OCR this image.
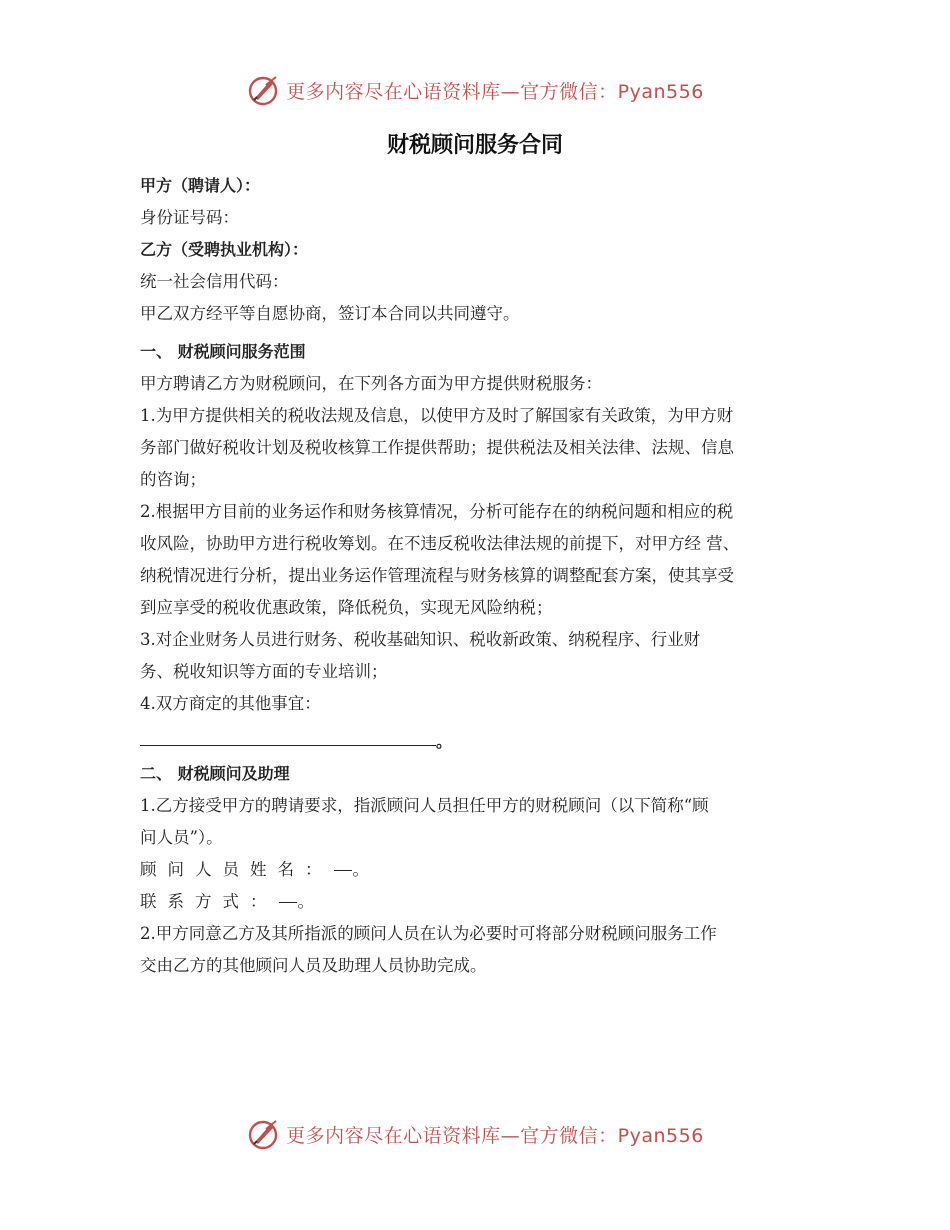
更多内容尽在心语资料库—官方微信：Pyan556
财税顾问服务合同
甲方（聘请人）：
身份证号码：
乙方（受聘执业机构）：
统一社会信用代码：
甲乙双方经平等自愿协商，签订本合同以共同遵守。
一、 财税顾问服务范围
甲方聘请乙方为财税顾问，在下列各方面为甲方提供财税服务：
1.为甲方提供相关的税收法规及信息，以使甲方及时了解国家有关政策，为甲方财
务部门做好税收计划及税收核算工作提供帮助；提供税法及相关法律、法规、信息
的咨询；
2.根据甲方目前的业务运作和财务核算情况，分析可能存在的纳税问题和相应的税
收风险，协助甲方进行税收筹划。在不违反税收法律法规的前提下，对甲方经 营、
纳税情况进行分析，提出业务运作管理流程与财务核算的调整配套方案，使其享受
到应享受的税收优惠政策，降低税负，实现无风险纳税；
3.对企业财务人员进行财务、税收基础知识、税收新政策、纳税程序、行业财
务、税收知识等方面的专业培训；
4.双方商定的其他事宜：
。
二、 财税顾问及助理
1.乙方接受甲方的聘请要求，指派顾问人员担任甲方的财税顾问（以下简称“顾
问人员”）。
顾问人员姓名： 。
联系方式： 。
2.甲方同意乙方及其所指派的顾问人员在认为必要时可将部分财税顾问服务工作
交由乙方的其他顾问人员及助理人员协助完成。
更多内容尽在心语资料库—官方微信：Pyan556
